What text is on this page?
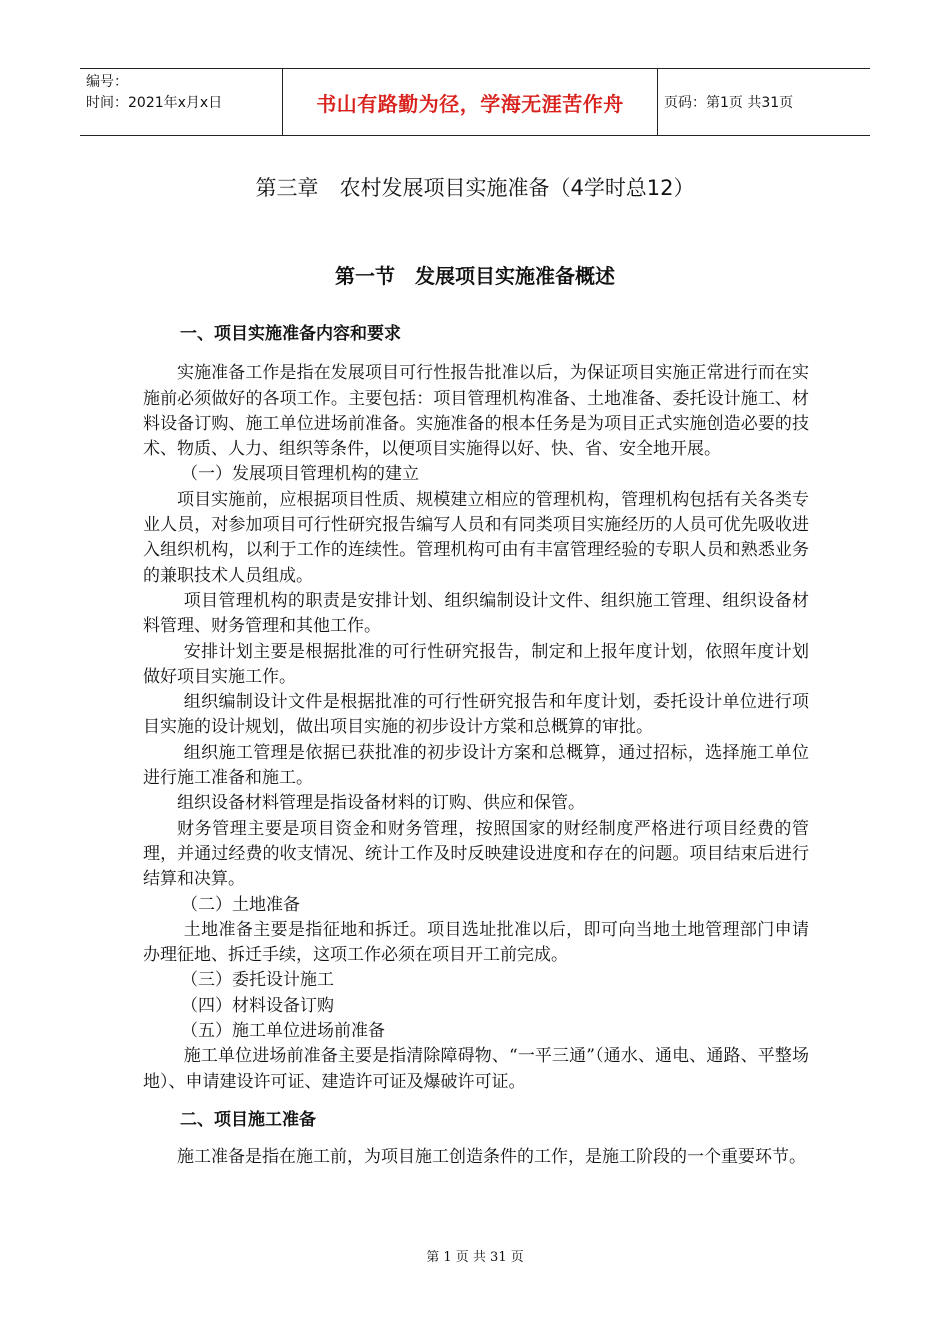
编号：
时间：2021年x月x日	书山有路勤为径，学海无涯苦作舟	页码：第1页 共31页
第三章　农村发展项目实施准备（4学时总12）
第一节　发展项目实施准备概述
一、项目实施准备内容和要求

实施准备工作是指在发展项目可行性报告批准以后，为保证项目实施正常进行而在实施前必须做好的各项工作。主要包括：项目管理机构准备、土地准备、委托设计施工、材料设备订购、施工单位进场前准备。实施准备的根本任务是为项目正式实施创造必要的技术、物质、人力、组织等条件，以便项目实施得以好、快、省、安全地开展。

（一）发展项目管理机构的建立

项目实施前，应根据项目性质、规模建立相应的管理机构，管理机构包括有关各类专业人员，对参加项目可行性研究报告编写人员和有同类项目实施经历的人员可优先吸收进入组织机构，以利于工作的连续性。管理机构可由有丰富管理经验的专职人员和熟悉业务的兼职技术人员组成。

项目管理机构的职责是安排计划、组织编制设计文件、组织施工管理、组织设备材料管理、财务管理和其他工作。

安排计划主要是根据批准的可行性研究报告，制定和上报年度计划，依照年度计划做好项目实施工作。

组织编制设计文件是根据批准的可行性研究报告和年度计划，委托设计单位进行项目实施的设计规划，做出项目实施的初步设计方棠和总概算的审批。

组织施工管理是依据已获批准的初步设计方案和总概算，通过招标，选择施工单位进行施工准备和施工。

组织设备材料管理是指设备材料的订购、供应和保管。

财务管理主要是项目资金和财务管理，按照国家的财经制度严格进行项目经费的管理，并通过经费的收支情况、统计工作及时反映建设进度和存在的问题。项目结束后进行结算和决算。

（二）土地准备

土地准备主要是指征地和拆迁。项目选址批准以后，即可向当地土地管理部门申请办理征地、拆迁手续，这项工作必须在项目开工前完成。

（三）委托设计施工

（四）材料设备订购

（五）施工单位进场前准备

施工单位进场前准备主要是指清除障碍物、“一平三通”（通水、通电、通路、平整场地）、申请建设许可证、建造许可证及爆破许可证。

二、项目施工准备

施工准备是指在施工前，为项目施工创造条件的工作，是施工阶段的一个重要环节。

第 1 页 共 31 页
